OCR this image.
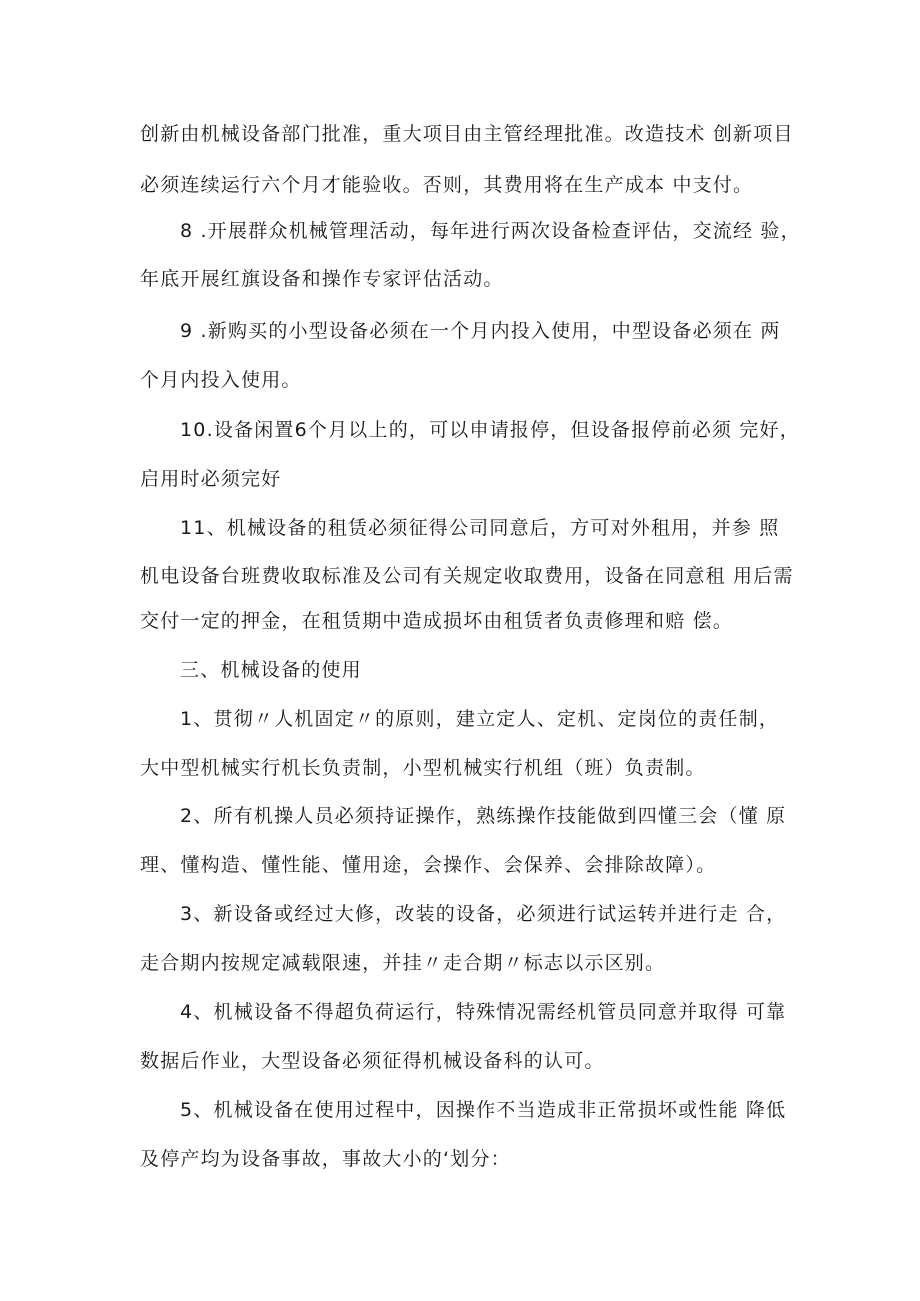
创新由机械设备部门批准，重大项目由主管经理批准。改造技术 创新项目
必须连续运行六个月才能验收。否则，其费用将在生产成本 中支付。
8 .开展群众机械管理活动，每年进行两次设备检查评估，交流经 验，
年底开展红旗设备和操作专家评估活动。
9 .新购买的小型设备必须在一个月内投入使用，中型设备必须在 两
个月内投入使用。
10.设备闲置6个月以上的，可以申请报停，但设备报停前必须 完好，
启用时必须完好
11、机械设备的租赁必须征得公司同意后，方可对外租用，并参 照
机电设备台班费收取标准及公司有关规定收取费用，设备在同意租 用后需
交付一定的押金，在租赁期中造成损坏由租赁者负责修理和赔 偿。
三、机械设备的使用
1、贯彻〃人机固定〃的原则，建立定人、定机、定岗位的责任制，
大中型机械实行机长负责制，小型机械实行机组（班）负责制。
2、所有机操人员必须持证操作，熟练操作技能做到四懂三会（懂 原
理、懂构造、懂性能、懂用途，会操作、会保养、会排除故障）。
3、新设备或经过大修，改装的设备，必须进行试运转并进行走 合，
走合期内按规定减载限速，并挂〃走合期〃标志以示区别。
4、机械设备不得超负荷运行，特殊情况需经机管员同意并取得 可靠
数据后作业，大型设备必须征得机械设备科的认可。
5、机械设备在使用过程中，因操作不当造成非正常损坏或性能 降低
及停产均为设备事故，事故大小的‘划分：
